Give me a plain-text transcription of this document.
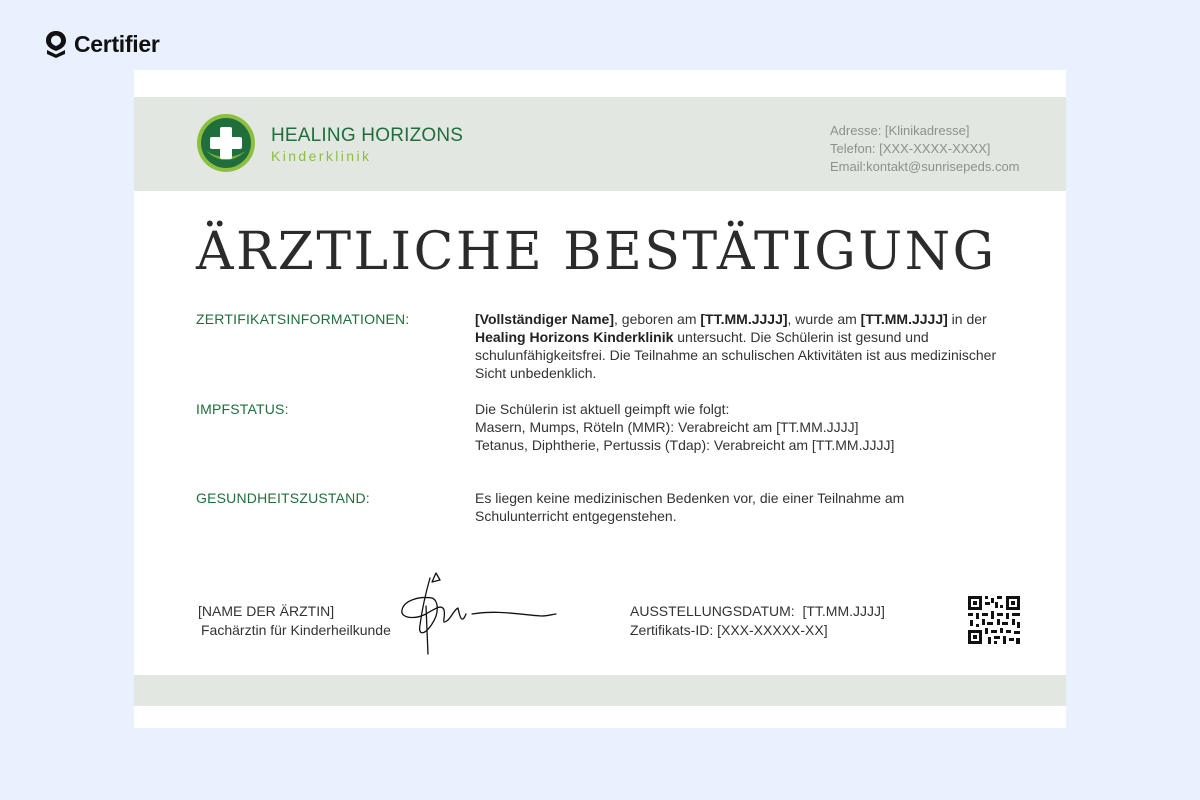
Certifier
HEALING HORIZONS
Kinderklinik
Adresse: [Klinikadresse]
Telefon: [XXX-XXXX-XXXX]
Email:kontakt@sunrisepeds.com
ÄRZTLICHE BESTÄTIGUNG
ZERTIFIKATSINFORMATIONEN:	[Vollständiger Name], geboren am [TT.MM.JJJJ], wurde am [TT.MM.JJJJ] in der Healing Horizons Kinderklinik untersucht. Die Schülerin ist gesund und schulunfähigkeitsfrei. Die Teilnahme an schulischen Aktivitäten ist aus medizinischer Sicht unbedenklich.
IMPFSTATUS:	Die Schülerin ist aktuell geimpft wie folgt:
Masern, Mumps, Röteln (MMR): Verabreicht am [TT.MM.JJJJ]
Tetanus, Diphtherie, Pertussis (Tdap): Verabreicht am [TT.MM.JJJJ]
GESUNDHEITSZUSTAND:	Es liegen keine medizinischen Bedenken vor, die einer Teilnahme am Schulunterricht entgegenstehen.
[NAME DER ÄRZTIN]
Fachärztin für Kinderheilkunde
AUSSTELLUNGSDATUM: [TT.MM.JJJJ]
Zertifikats-ID: [XXX-XXXXX-XX]
